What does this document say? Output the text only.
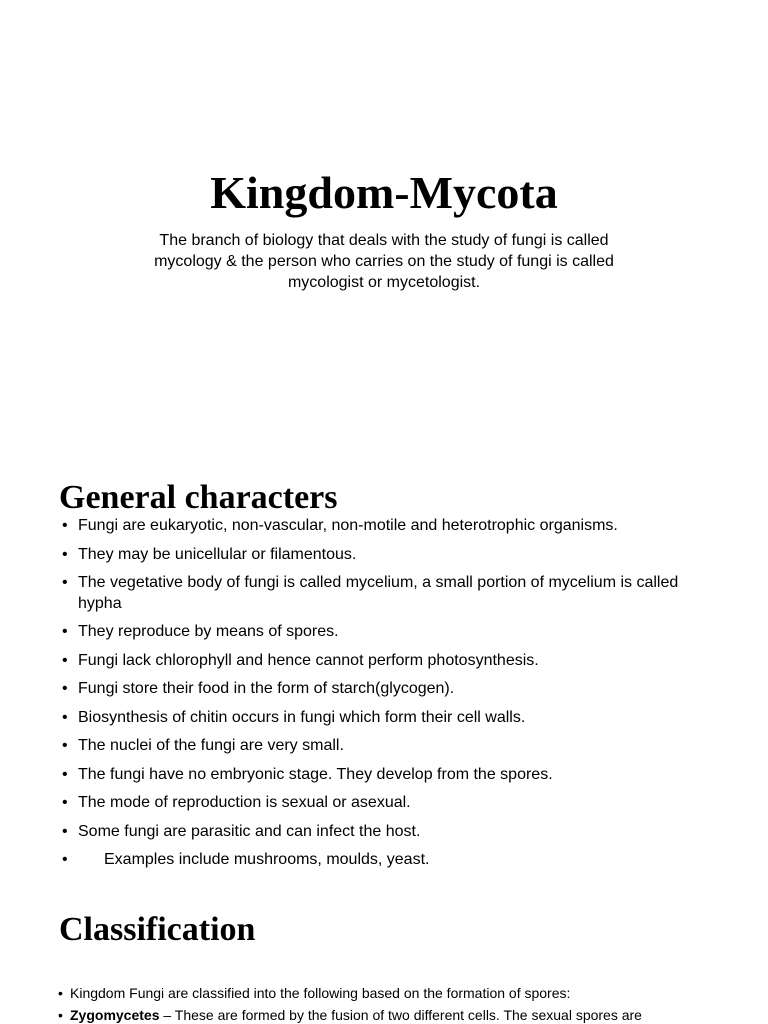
Kingdom-Mycota

The branch of biology that deals with the study of fungi is called mycology & the person who carries on the study of fungi is called mycologist or mycetologist.

General characters
• Fungi are eukaryotic, non-vascular, non-motile and heterotrophic organisms.
• They may be unicellular or filamentous.
• The vegetative body of fungi is called mycelium, a small portion of mycelium is called hypha
• They reproduce by means of spores.
• Fungi lack chlorophyll and hence cannot perform photosynthesis.
• Fungi store their food in the form of starch(glycogen).
• Biosynthesis of chitin occurs in fungi which form their cell walls.
• The nuclei of the fungi are very small.
• The fungi have no embryonic stage. They develop from the spores.
• The mode of reproduction is sexual or asexual.
• Some fungi are parasitic and can infect the host.
• Examples include mushrooms, moulds, yeast.
Classification
• Kingdom Fungi are classified into the following based on the formation of spores:
• Zygomycetes – These are formed by the fusion of two different cells. The sexual spores are
